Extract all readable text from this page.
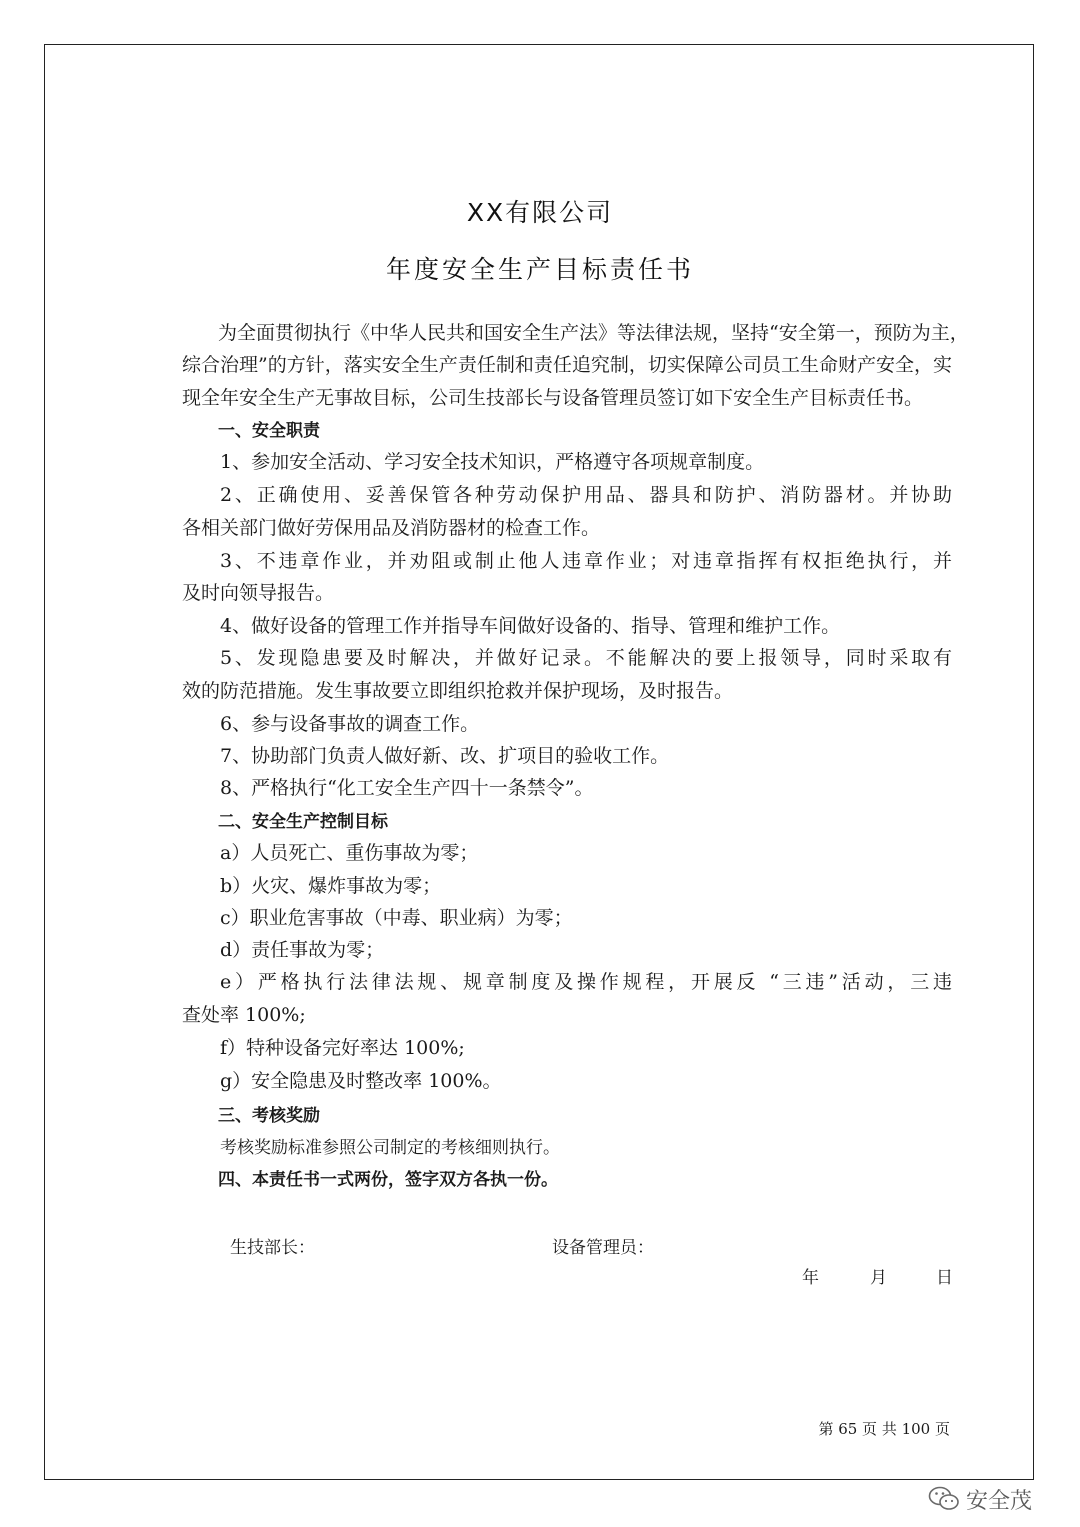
XX有限公司
年度安全生产目标责任书
为全面贯彻执行《中华人民共和国安全生产法》等法律法规，坚持“安全第一，预防为主，
综合治理”的方针，落实安全生产责任制和责任追究制，切实保障公司员工生命财产安全，实
现全年安全生产无事故目标，公司生技部长与设备管理员签订如下安全生产目标责任书。
一、安全职责
1、参加安全活动、学习安全技术知识，严格遵守各项规章制度。
2、正确使用、妥善保管各种劳动保护用品、器具和防护、消防器材。并协助
各相关部门做好劳保用品及消防器材的检查工作。
3、不违章作业，并劝阻或制止他人违章作业；对违章指挥有权拒绝执行，并
及时向领导报告。
4、做好设备的管理工作并指导车间做好设备的、指导、管理和维护工作。
5、发现隐患要及时解决，并做好记录。不能解决的要上报领导，同时采取有
效的防范措施。发生事故要立即组织抢救并保护现场，及时报告。
6、参与设备事故的调查工作。
7、协助部门负责人做好新、改、扩项目的验收工作。
8、严格执行“化工安全生产四十一条禁令”。
二、安全生产控制目标
a）人员死亡、重伤事故为零；
b）火灾、爆炸事故为零；
c）职业危害事故（中毒、职业病）为零；
d）责任事故为零；
e）严格执行法律法规、规章制度及操作规程，开展反 “三违”活动，三违
查处率 100%;
f）特种设备完好率达 100%;
g）安全隐患及时整改率 100%。
三、考核奖励
考核奖励标准参照公司制定的考核细则执行。
四、本责任书一式两份，签字双方各执一份。
生技部长：	设备管理员：
年	月	日
第 65 页 共 100 页
安全茂
